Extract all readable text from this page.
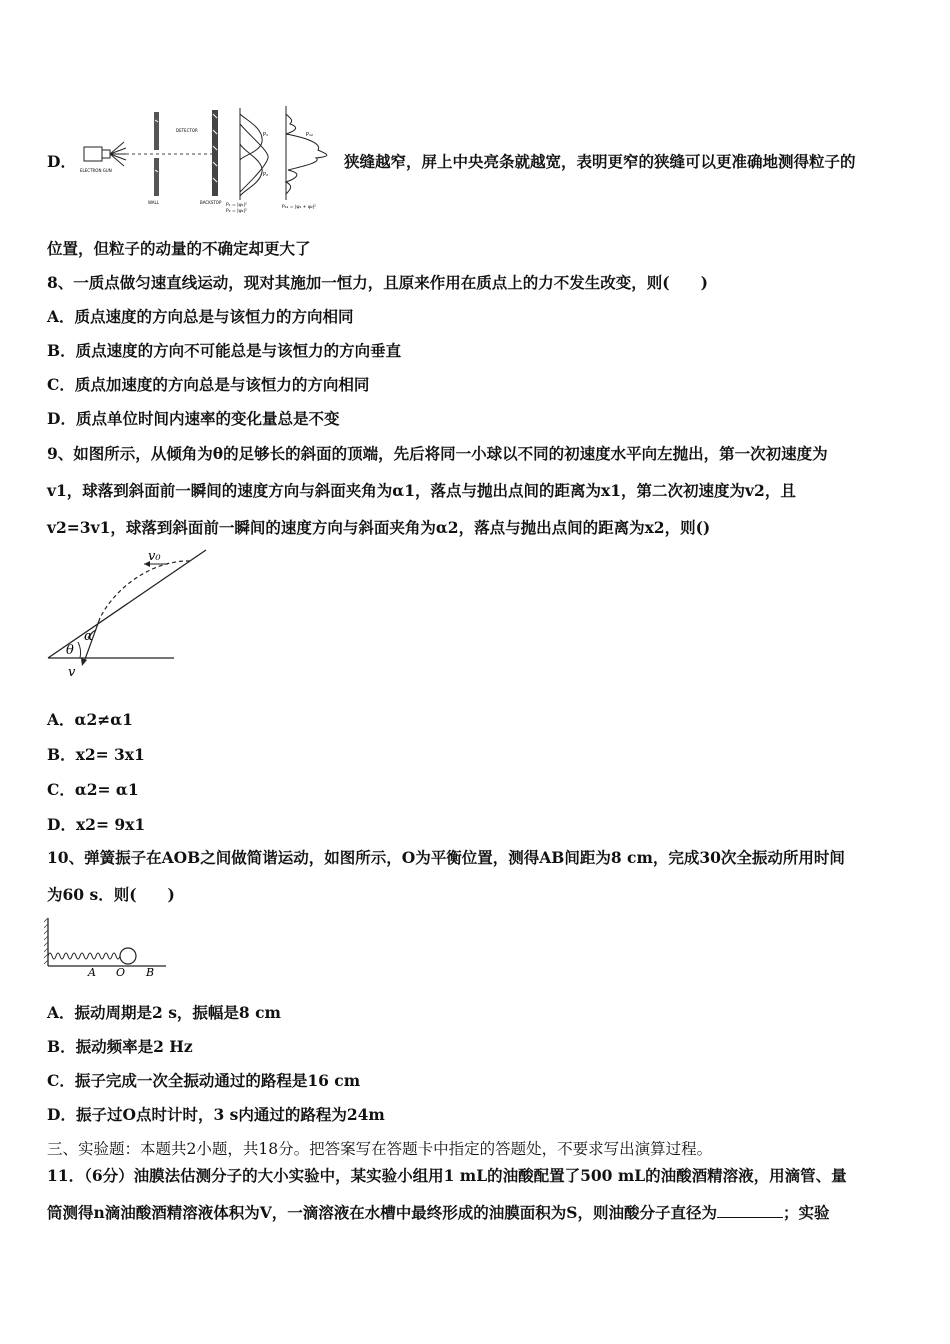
D．	ELECTRON GUN
WALL
DETECTOR
BACKSTOP
P₁
P₂
P₁ = |ψ₁|²
P₂ = |ψ₂|²
P₁₂
P₁₂ = |ψ₁ + ψ₂|²
狭缝越窄，屏上中央亮条就越宽，表明更窄的狭缝可以更准确地测得粒子的
位置，但粒子的动量的不确定却更大了
8、一质点做匀速直线运动，现对其施加一恒力，且原来作用在质点上的力不发生改变，则(　　)
A．质点速度的方向总是与该恒力的方向相同
B．质点速度的方向不可能总是与该恒力的方向垂直
C．质点加速度的方向总是与该恒力的方向相同
D．质点单位时间内速率的变化量总是不变
9、如图所示，从倾角为θ的足够长的斜面的顶端，先后将同一小球以不同的初速度水平向左抛出，第一次初速度为
v1，球落到斜面前一瞬间的速度方向与斜面夹角为α1，落点与抛出点间的距离为x1，第二次初速度为v2，且
v2=3v1，球落到斜面前一瞬间的速度方向与斜面夹角为α2，落点与抛出点间的距离为x2，则()
v₀
α
θ
v
A．α2≠α1
B．x2= 3x1
C．α2= α1
D．x2= 9x1
10、弹簧振子在AOB之间做简谐运动，如图所示，O为平衡位置，测得AB间距为8 cm，完成30次全振动所用时间
为60 s．则(　　)
A O B
A．振动周期是2 s，振幅是8 cm
B．振动频率是2 Hz
C．振子完成一次全振动通过的路程是16 cm
D．振子过O点时计时，3 s内通过的路程为24m
三、实验题：本题共2小题，共18分。把答案写在答题卡中指定的答题处，不要求写出演算过程。
11．（6分）油膜法估测分子的大小实验中，某实验小组用1 mL的油酸配置了500 mL的油酸酒精溶液，用滴管、量
筒测得n滴油酸酒精溶液体积为V，一滴溶液在水槽中最终形成的油膜面积为S，则油酸分子直径为	；实验
